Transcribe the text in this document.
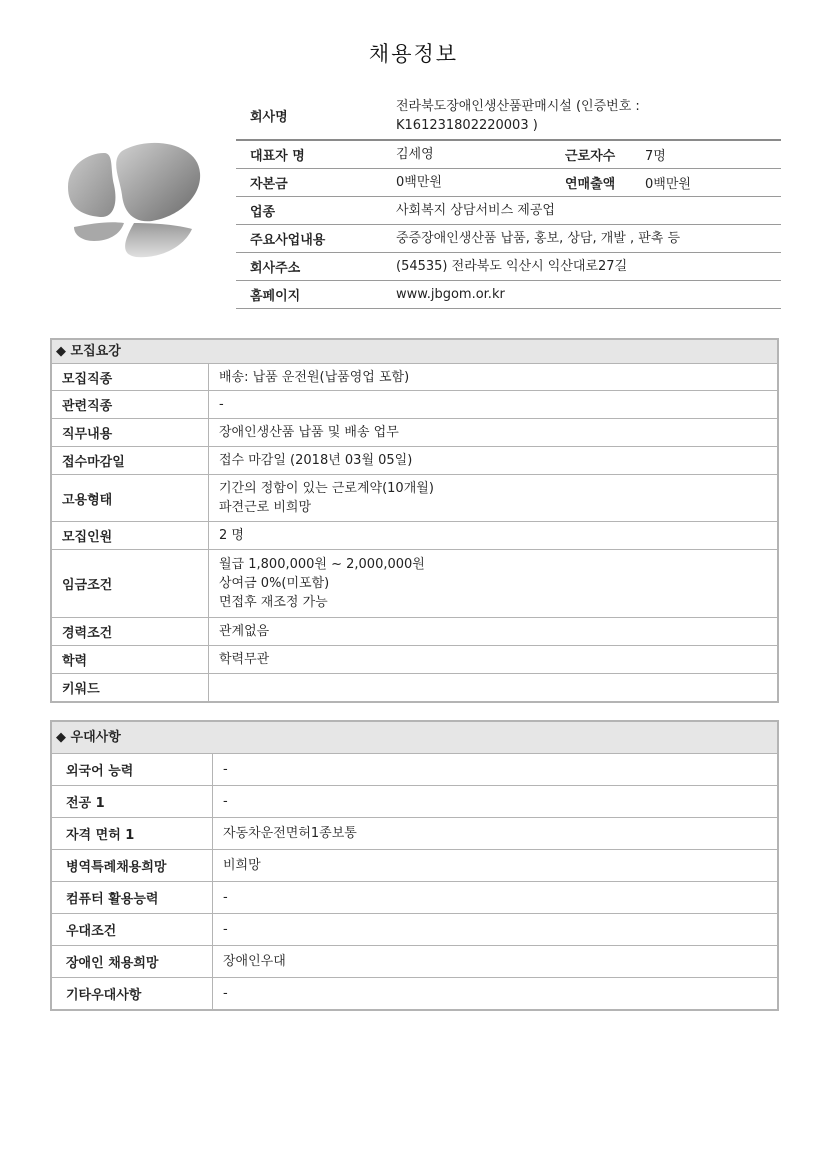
채용정보
회사명	전라북도장애인생산품판매시설 (인증번호 : K161231802220003 )		
대표자 명	김세영	근로자수	7명
자본금	0백만원	연매출액	0백만원
업종	사회복지 상담서비스 제공업		
주요사업내용	중증장애인생산품 납품, 홍보, 상담, 개발 , 판촉 등		
회사주소	(54535) 전라북도 익산시 익산대로27길		
홈페이지	www.jbgom.or.kr		
◆ 모집요강
모집직종	배송: 납품 운전원(납품영업 포함)

관련직종	-

직무내용	장애인생산품 납품 및 배송 업무

접수마감일	접수 마감일 (2018년 03월 05일)

고용형태	기간의 정함이 있는 근로계약(10개월)
파견근로 비희망

모집인원	2 명

임금조건	월급 1,800,000원 ~ 2,000,000원
상여금 0%(미포함)
면접후 재조정 가능

경력조건	관계없음

학력	학력무관

키워드	
◆ 우대사항
외국어 능력	-
전공 1	-
자격 면허 1	자동차운전면허1종보통
병역특례채용희망	비희망
컴퓨터 활용능력	-
우대조건	-
장애인 채용희망	장애인우대
기타우대사항	-
